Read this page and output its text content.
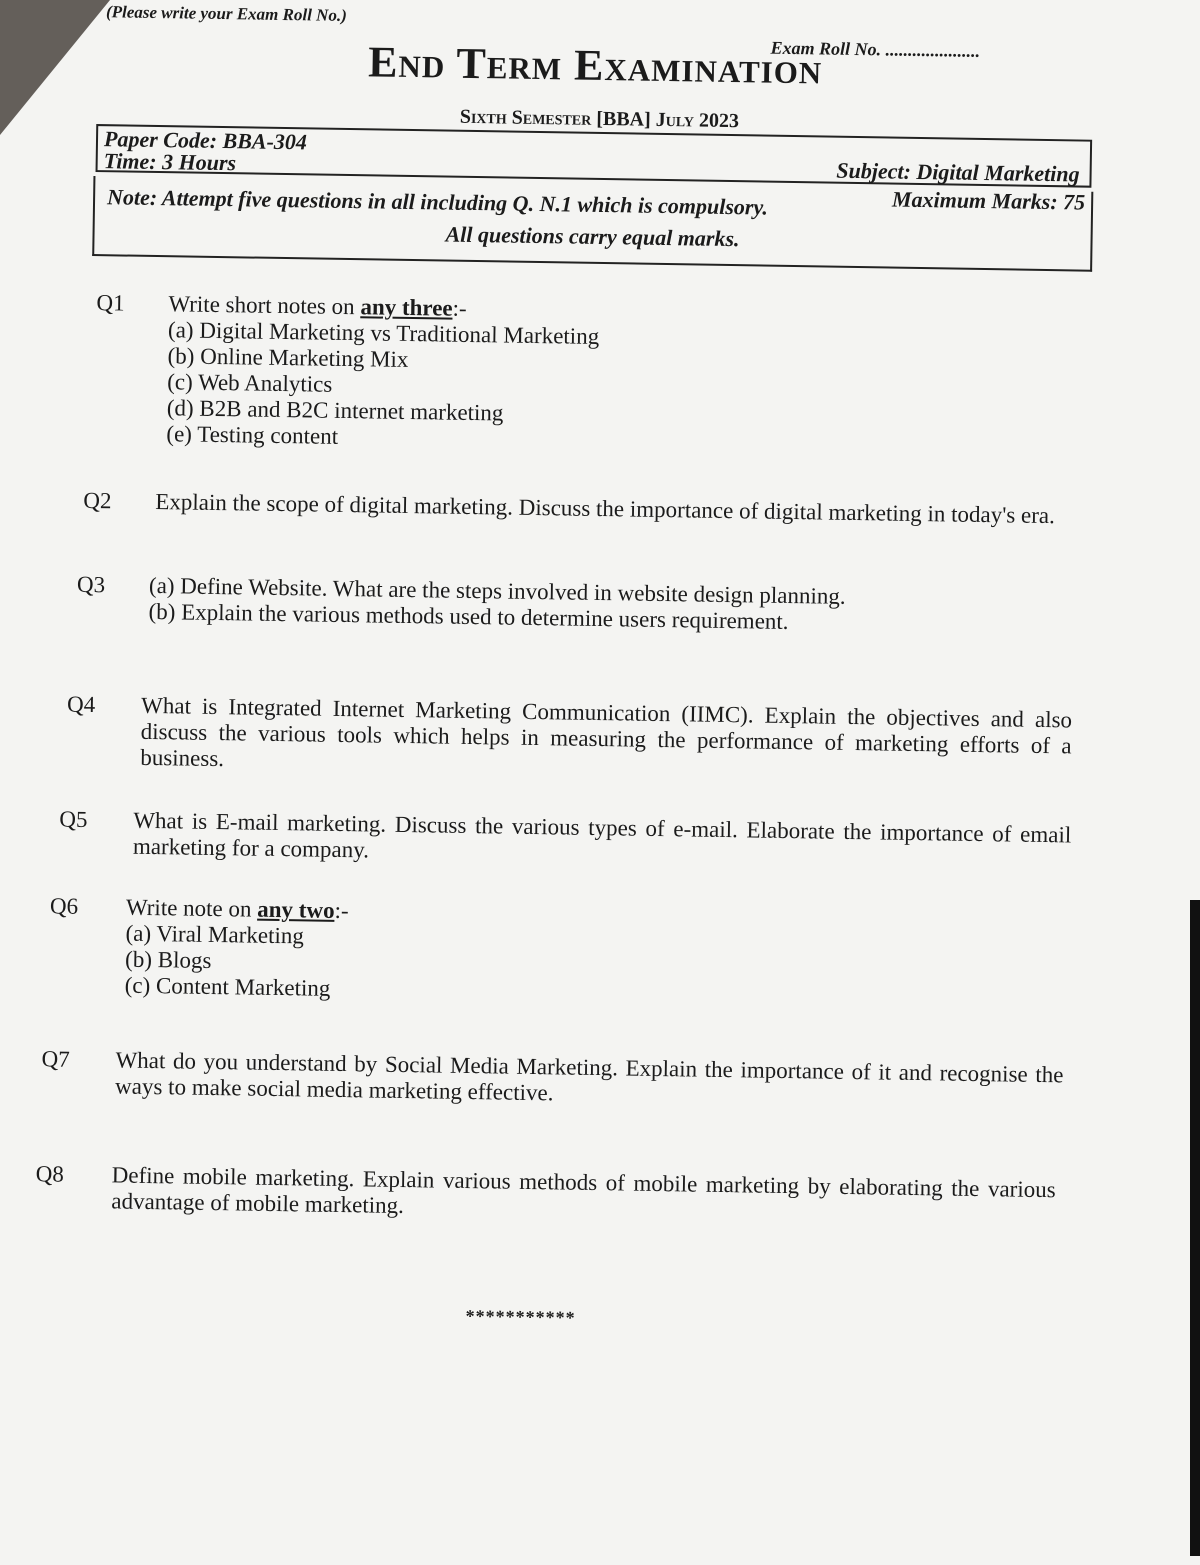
(Please write your Exam Roll No.)
Exam Roll No. .....................
End Term Examination
Sixth Semester [BBA] July 2023
Paper Code: BBA-304
Time: 3 Hours	Subject: Digital Marketing
Note: Attempt five questions in all including Q. N.1 which is compulsory.
All questions carry equal marks.
Maximum Marks: 75
Q1	Write short notes on any three:-
(a) Digital Marketing vs Traditional Marketing
(b) Online Marketing Mix
(c) Web Analytics
(d) B2B and B2C internet marketing
(e) Testing content
Q2	Explain the scope of digital marketing. Discuss the importance of digital marketing in today's era.
Q3	(a) Define Website. What are the steps involved in website design planning.
(b) Explain the various methods used to determine users requirement.
Q4	What is Integrated Internet Marketing Communication (IIMC). Explain the objectives and also discuss the various tools which helps in measuring the performance of marketing efforts of a business.
Q5	What is E-mail marketing. Discuss the various types of e-mail. Elaborate the importance of email marketing for a company.
Q6	Write note on any two:-
(a) Viral Marketing
(b) Blogs
(c) Content Marketing
Q7	What do you understand by Social Media Marketing. Explain the importance of it and recognise the ways to make social media marketing effective.
Q8	Define mobile marketing. Explain various methods of mobile marketing by elaborating the various advantage of mobile marketing.
***********
